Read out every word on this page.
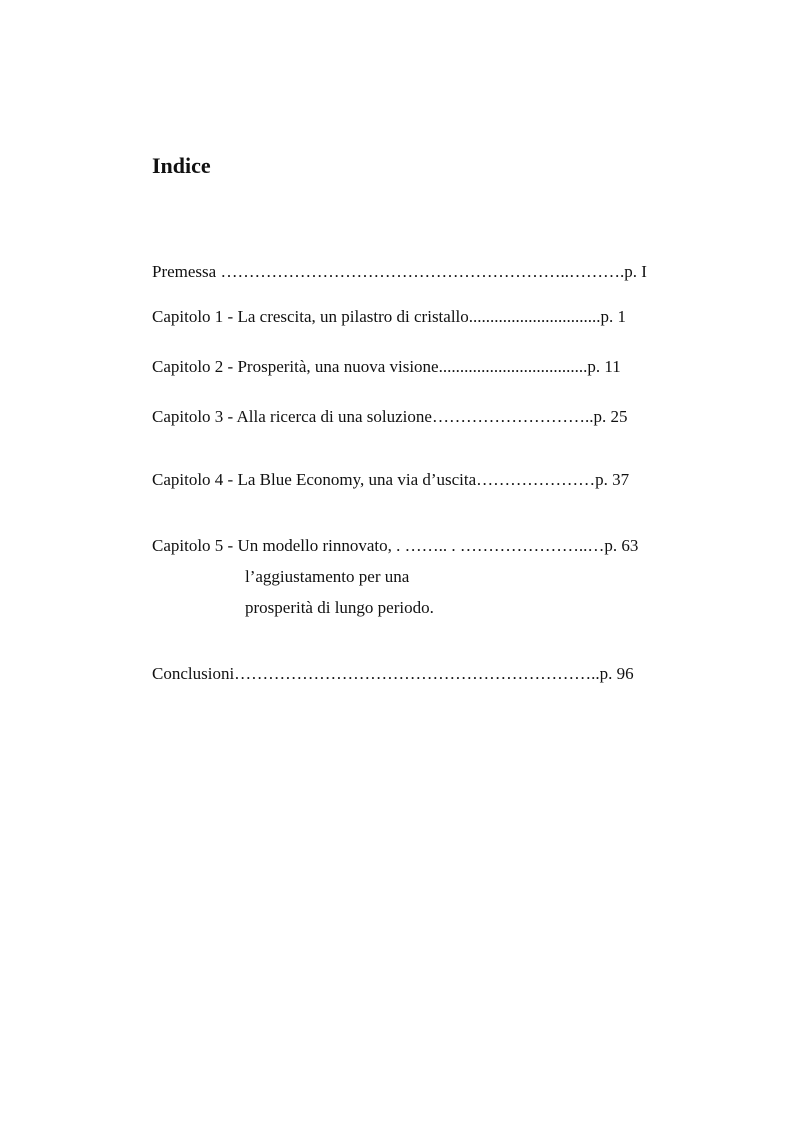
Indice
Premessa ……………………………………………………..……….p. I
Capitolo 1 - La crescita, un pilastro di cristallo...............................p. 1
Capitolo 2 - Prosperità, una nuova visione...................................p. 11
Capitolo 3 - Alla ricerca di una soluzione………………………..p. 25
Capitolo 4 - La Blue Economy, una via d’uscita…………………p. 37
Capitolo 5 - Un modello rinnovato, . …….. . …………………..…p. 63
l’aggiustamento per una
prosperità di lungo periodo.
Conclusioni………………………………………………………..p. 96
